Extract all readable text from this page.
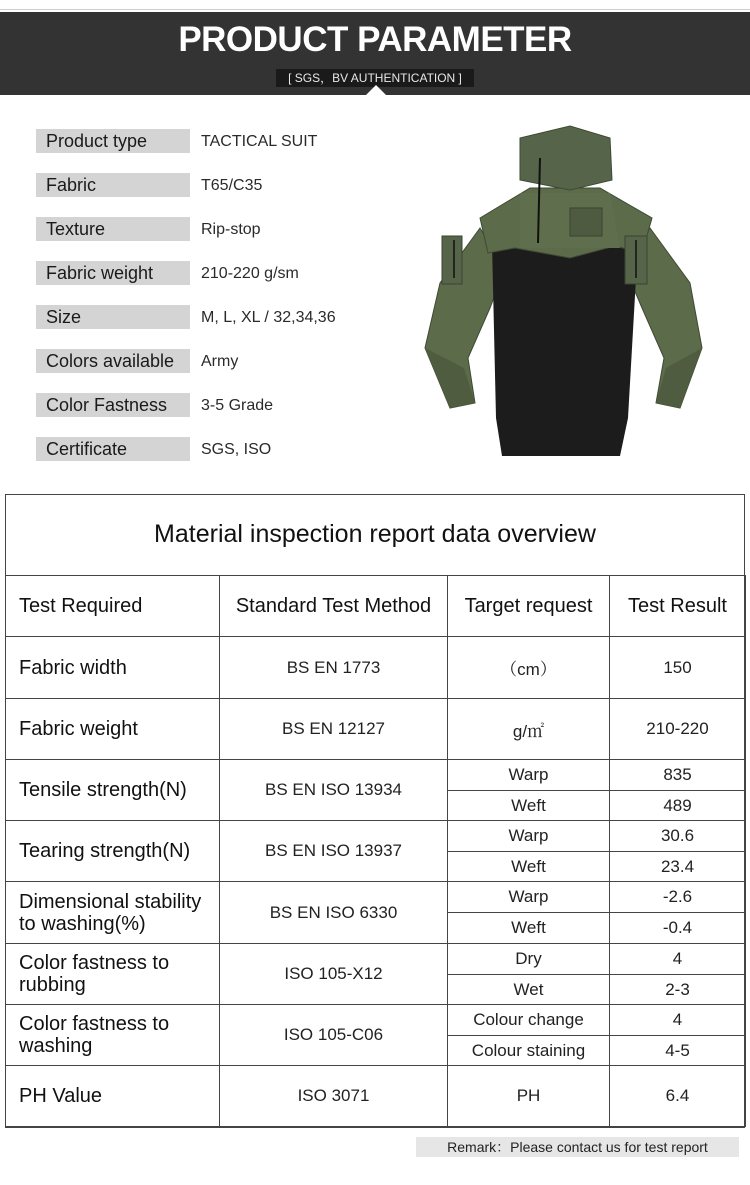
PRODUCT PARAMETER
[ SGS，BV AUTHENTICATION ]
Product type	TACTICAL SUIT
Fabric	T65/C35
Texture	Rip-stop
Fabric weight	210-220 g/sm
Size	M, L, XL / 32,34,36
Colors available	Army
Color Fastness	3-5 Grade
Certificate	SGS, ISO
Material inspection report data overview
Test Required	Standard Test Method	Target request	Test Result
Fabric width	BS EN 1773	（cm）	150
Fabric weight	BS EN 12127	g/㎡	210-220
Tensile strength(N)	BS EN ISO 13934	Warp	835
		Weft	489
Tearing strength(N)	BS EN ISO 13937	Warp	30.6
		Weft	23.4
Dimensional stability to washing(%)	BS EN ISO 6330	Warp	-2.6
		Weft	-0.4
Color fastness to rubbing	ISO 105-X12	Dry	4
		Wet	2-3
Color fastness to washing	ISO 105-C06	Colour change	4
		Colour staining	4-5
PH Value	ISO 3071	PH	6.4
Remark：Please contact us for test report
